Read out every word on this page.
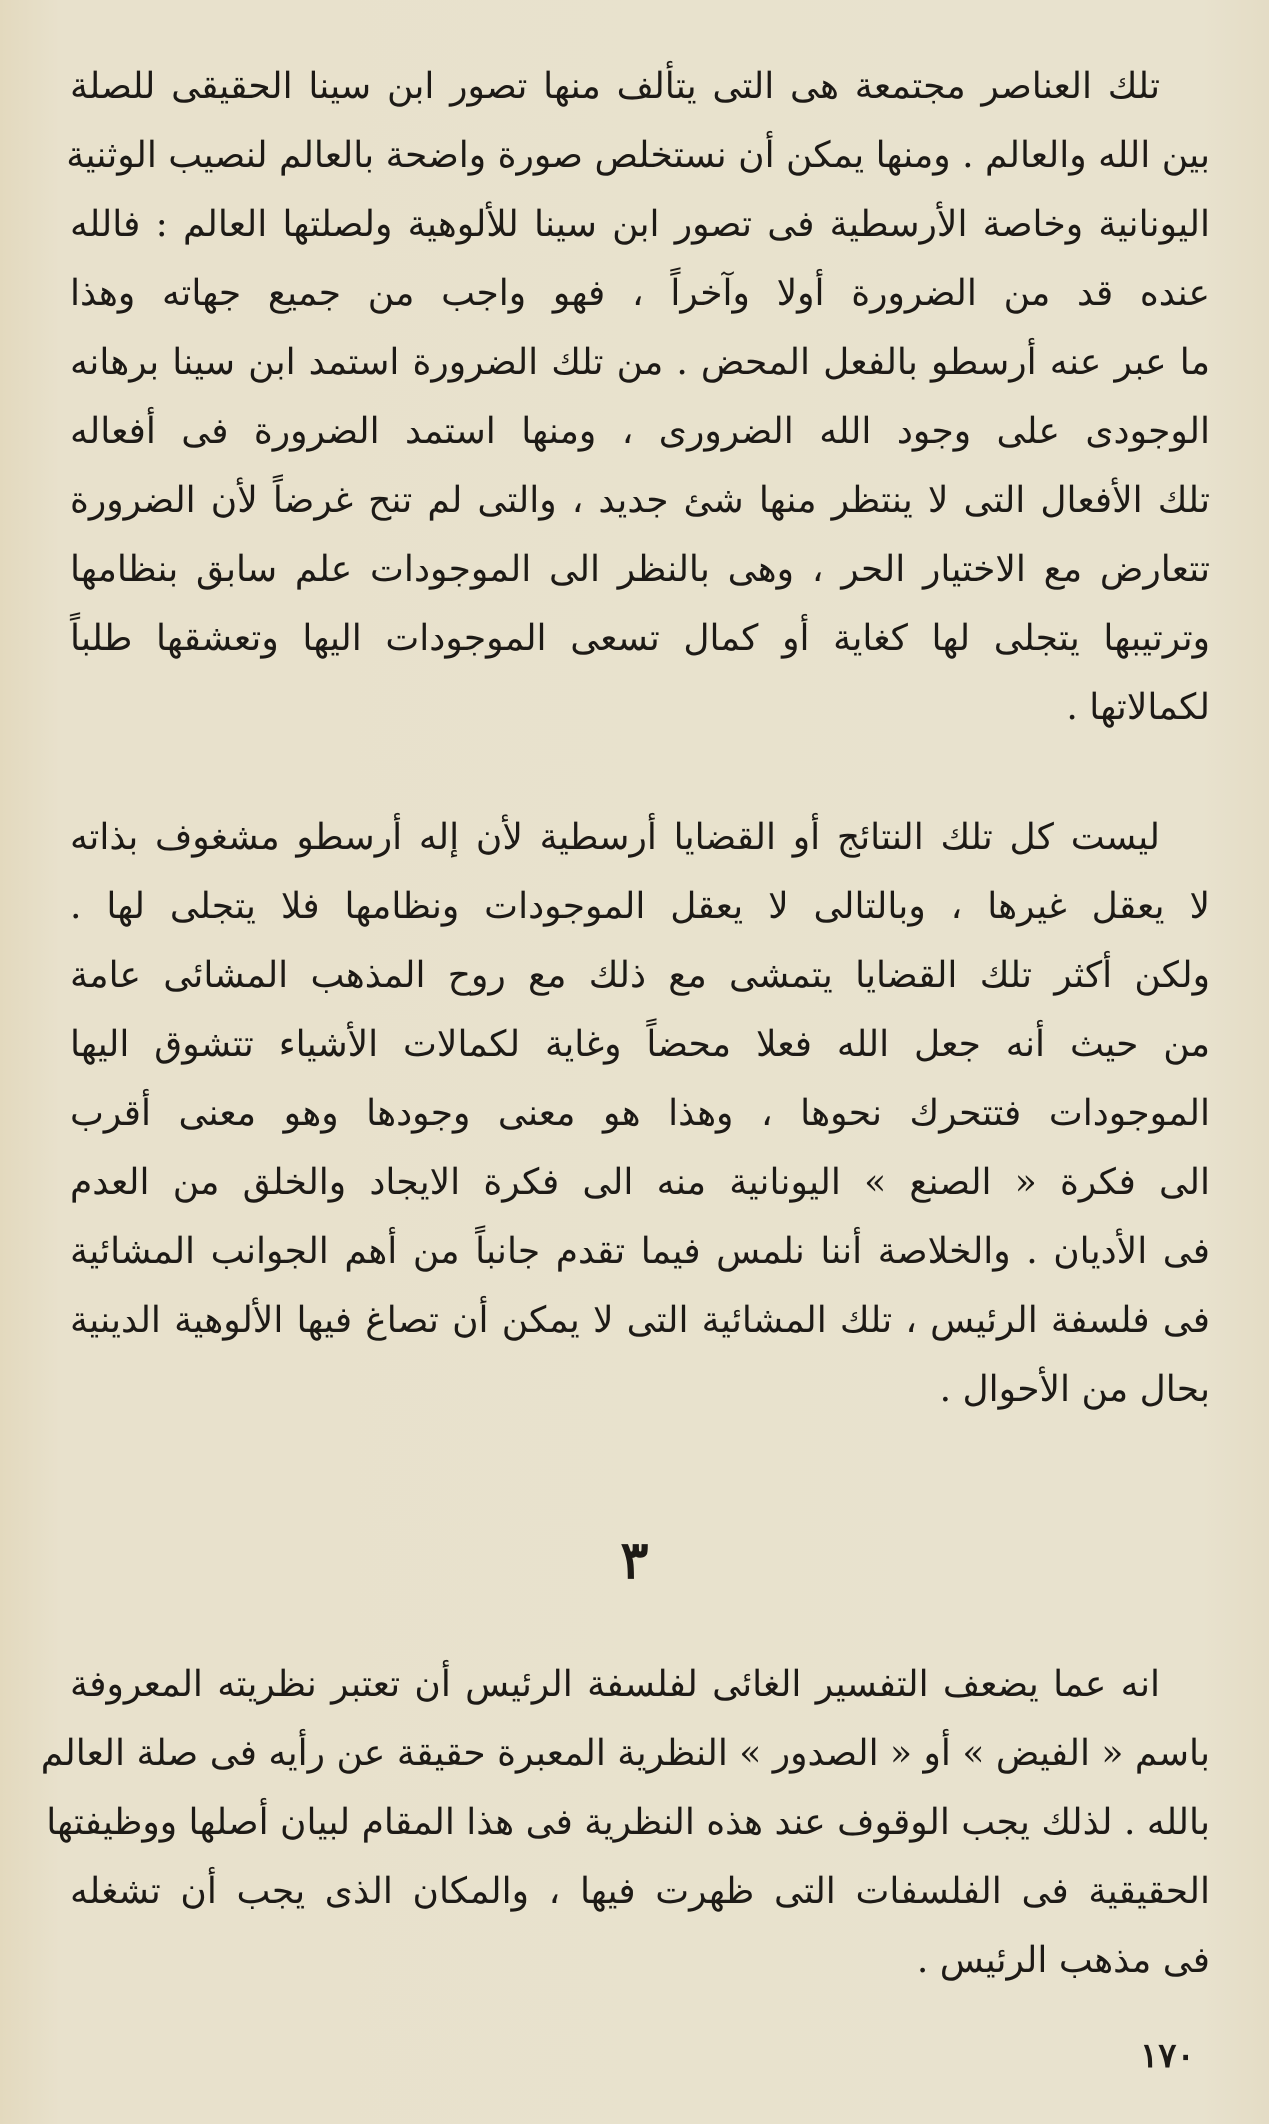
تلك العناصر مجتمعة هى التى يتألف منها تصور ابن سينا الحقيقى للصلة
بين الله والعالم . ومنها يمكن أن نستخلص صورة واضحة بالعالم لنصيب الوثنية
اليونانية وخاصة الأرسطية فى تصور ابن سينا للألوهية ولصلتها العالم : فالله
عنده قد من الضرورة أولا وآخراً ، فهو واجب من جميع جهاته وهذا
ما عبر عنه أرسطو بالفعل المحض . من تلك الضرورة استمد ابن سينا برهانه
الوجودى على وجود الله الضرورى ، ومنها استمد الضرورة فى أفعاله
تلك الأفعال التى لا ينتظر منها شئ جديد ، والتى لم تنح غرضاً لأن الضرورة
تتعارض مع الاختيار الحر ، وهى بالنظر الى الموجودات علم سابق بنظامها
وترتيبها يتجلى لها كغاية أو كمال تسعى الموجودات اليها وتعشقها طلباً
لكمالاتها .
ليست كل تلك النتائج أو القضايا أرسطية لأن إله أرسطو مشغوف بذاته
لا يعقل غيرها ، وبالتالى لا يعقل الموجودات ونظامها فلا يتجلى لها .
ولكن أكثر تلك القضايا يتمشى مع ذلك مع روح المذهب المشائى عامة
من حيث أنه جعل الله فعلا محضاً وغاية لكمالات الأشياء تتشوق اليها
الموجودات فتتحرك نحوها ، وهذا هو معنى وجودها وهو معنى أقرب
الى فكرة « الصنع » اليونانية منه الى فكرة الايجاد والخلق من العدم
فى الأديان . والخلاصة أننا نلمس فيما تقدم جانباً من أهم الجوانب المشائية
فى فلسفة الرئيس ، تلك المشائية التى لا يمكن أن تصاغ فيها الألوهية الدينية
بحال من الأحوال .
انه عما يضعف التفسير الغائى لفلسفة الرئيس أن تعتبر نظريته المعروفة
باسم « الفيض » أو « الصدور » النظرية المعبرة حقيقة عن رأيه فى صلة العالم
بالله . لذلك يجب الوقوف عند هذه النظرية فى هذا المقام لبيان أصلها ووظيفتها
الحقيقية فى الفلسفات التى ظهرت فيها ، والمكان الذى يجب أن تشغله
فى مذهب الرئيس .
٣
١٧٠
